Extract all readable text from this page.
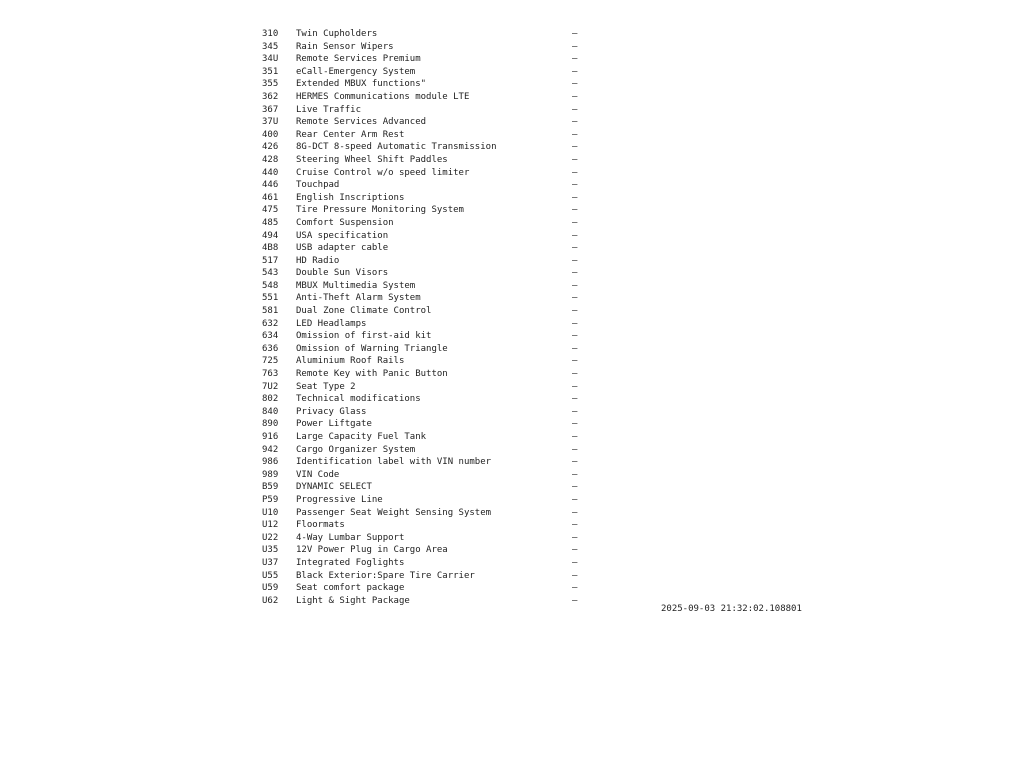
310 Twin Cupholders	—
345 Rain Sensor Wipers	—
34U Remote Services Premium	—
351 eCall-Emergency System	—
355 Extended MBUX functions"	—
362 HERMES Communications module LTE	—
367 Live Traffic	—
37U Remote Services Advanced	—
400 Rear Center Arm Rest	—
426 8G-DCT 8-speed Automatic Transmission	—
428 Steering Wheel Shift Paddles	—
440 Cruise Control w/o speed limiter	—
446 Touchpad	—
461 English Inscriptions	—
475 Tire Pressure Monitoring System	—
485 Comfort Suspension	—
494 USA specification	—
4B8 USB adapter cable	—
517 HD Radio	—
543 Double Sun Visors	—
548 MBUX Multimedia System	—
551 Anti-Theft Alarm System	—
581 Dual Zone Climate Control	—
632 LED Headlamps	—
634 Omission of first-aid kit	—
636 Omission of Warning Triangle	—
725 Aluminium Roof Rails	—
763 Remote Key with Panic Button	—
7U2 Seat Type 2	—
802 Technical modifications	—
840 Privacy Glass	—
890 Power Liftgate	—
916 Large Capacity Fuel Tank	—
942 Cargo Organizer System	—
986 Identification label with VIN number	—
989 VIN Code	—
B59 DYNAMIC SELECT	—
P59 Progressive Line	—
U10 Passenger Seat Weight Sensing System	—
U12 Floormats	—
U22 4-Way Lumbar Support	—
U35 12V Power Plug in Cargo Area	—
U37 Integrated Foglights	—
U55 Black Exterior:Spare Tire Carrier	—
U59 Seat comfort package	—
U62 Light & Sight Package	—
2025-09-03 21:32:02.108801
